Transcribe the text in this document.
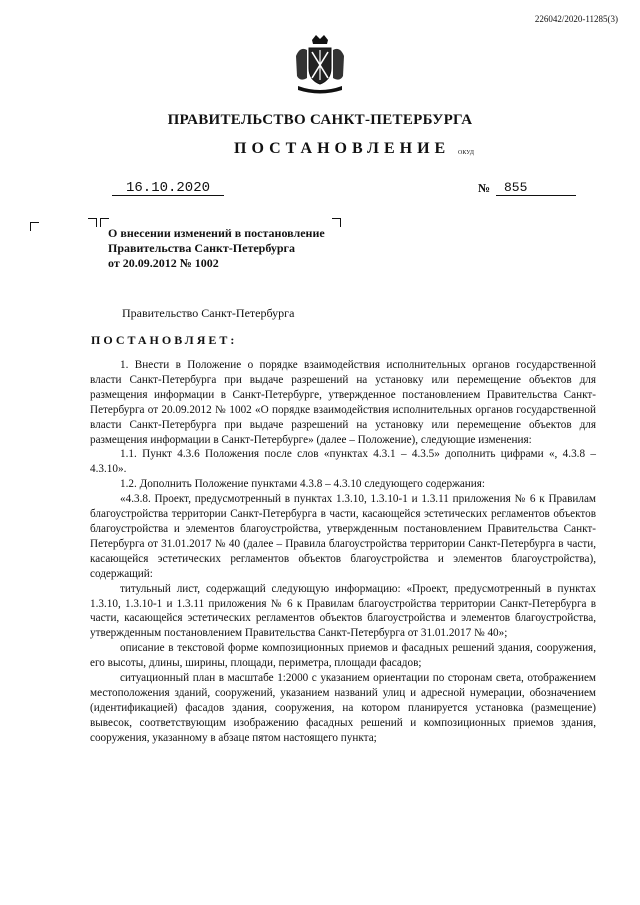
226042/2020-11285(3)
ПРАВИТЕЛЬСТВО САНКТ-ПЕТЕРБУРГА
ПОСТАНОВЛЕНИЕ ОКУД
16.10.2020	№ 855
О внесении изменений в постановление
Правительства Санкт-Петербурга
от 20.09.2012 № 1002
Правительство Санкт-Петербурга
ПОСТАНОВЛЯЕТ:

1. Внести в Положение о порядке взаимодействия исполнительных органов государственной власти Санкт-Петербурга при выдаче разрешений на установку или перемещение объектов для размещения информации в Санкт-Петербурге, утвержденное постановлением Правительства Санкт-Петербурга от 20.09.2012 № 1002 «О порядке взаимодействия исполнительных органов государственной власти Санкт-Петербурга при выдаче разрешений на установку или перемещение объектов для размещения информации в Санкт-Петербурге» (далее – Положение), следующие изменения:

1.1. Пункт 4.3.6 Положения после слов «пунктах 4.3.1 – 4.3.5» дополнить цифрами «, 4.3.8 – 4.3.10».

1.2. Дополнить Положение пунктами 4.3.8 – 4.3.10 следующего содержания:

«4.3.8. Проект, предусмотренный в пунктах 1.3.10, 1.3.10-1 и 1.3.11 приложения № 6 к Правилам благоустройства территории Санкт-Петербурга в части, касающейся эстетических регламентов объектов благоустройства и элементов благоустройства, утвержденным постановлением Правительства Санкт-Петербурга от 31.01.2017 № 40 (далее – Правила благоустройства территории Санкт-Петербурга в части, касающейся эстетических регламентов объектов благоустройства и элементов благоустройства), содержащий:

титульный лист, содержащий следующую информацию: «Проект, предусмотренный в пунктах 1.3.10, 1.3.10-1 и 1.3.11 приложения № 6 к Правилам благоустройства территории Санкт-Петербурга в части, касающейся эстетических регламентов объектов благоустройства и элементов благоустройства, утвержденным постановлением Правительства Санкт-Петербурга от 31.01.2017 № 40»;

описание в текстовой форме композиционных приемов и фасадных решений здания, сооружения, его высоты, длины, ширины, площади, периметра, площади фасадов;

ситуационный план в масштабе 1:2000 с указанием ориентации по сторонам света, отображением местоположения зданий, сооружений, указанием названий улиц и адресной нумерации, обозначением (идентификацией) фасадов здания, сооружения, на котором планируется установка (размещение) вывесок, соответствующим изображению фасадных решений и композиционных приемов здания, сооружения, указанному в абзаце пятом настоящего пункта;
